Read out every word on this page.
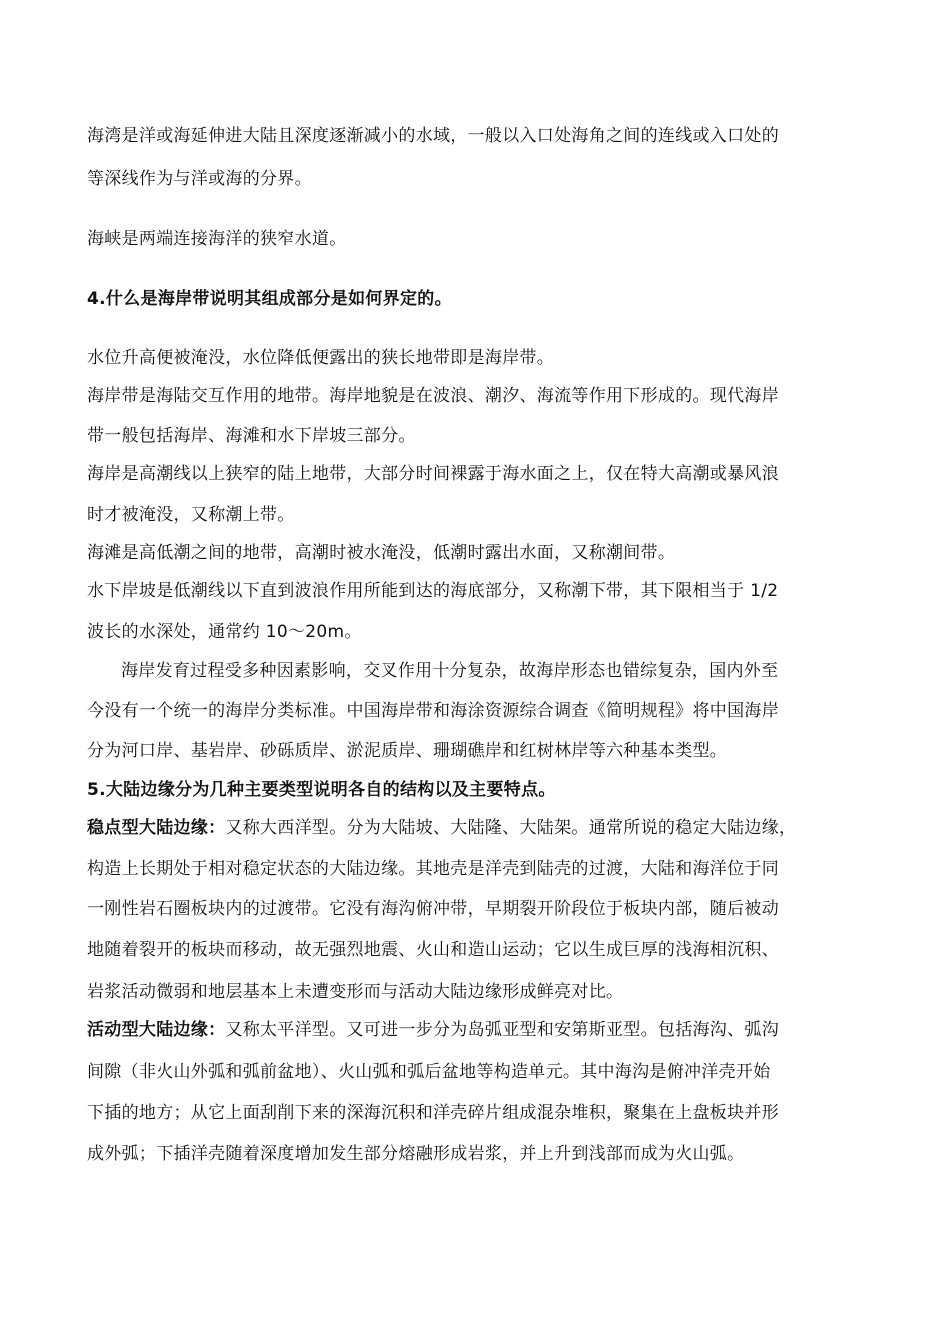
海湾是洋或海延伸进大陆且深度逐渐减小的水域，一般以入口处海角之间的连线或入口处的
等深线作为与洋或海的分界。
海峡是两端连接海洋的狭窄水道。
4.什么是海岸带说明其组成部分是如何界定的。
水位升高便被淹没，水位降低便露出的狭长地带即是海岸带。
海岸带是海陆交互作用的地带。海岸地貌是在波浪、潮汐、海流等作用下形成的。现代海岸
带一般包括海岸、海滩和水下岸坡三部分。
海岸是高潮线以上狭窄的陆上地带，大部分时间裸露于海水面之上，仅在特大高潮或暴风浪
时才被淹没，又称潮上带。
海滩是高低潮之间的地带，高潮时被水淹没，低潮时露出水面，又称潮间带。
水下岸坡是低潮线以下直到波浪作用所能到达的海底部分，又称潮下带，其下限相当于 1/2
波长的水深处，通常约 10～20m。
海岸发育过程受多种因素影响，交叉作用十分复杂，故海岸形态也错综复杂，国内外至
今没有一个统一的海岸分类标准。中国海岸带和海涂资源综合调查《简明规程》将中国海岸
分为河口岸、基岩岸、砂砾质岸、淤泥质岸、珊瑚礁岸和红树林岸等六种基本类型。
5.大陆边缘分为几种主要类型说明各自的结构以及主要特点。
稳点型大陆边缘：又称大西洋型。分为大陆坡、大陆隆、大陆架。通常所说的稳定大陆边缘，
构造上长期处于相对稳定状态的大陆边缘。其地壳是洋壳到陆壳的过渡，大陆和海洋位于同
一刚性岩石圈板块内的过渡带。它没有海沟俯冲带，早期裂开阶段位于板块内部，随后被动
地随着裂开的板块而移动，故无强烈地震、火山和造山运动；它以生成巨厚的浅海相沉积、
岩浆活动微弱和地层基本上未遭变形而与活动大陆边缘形成鲜亮对比。
活动型大陆边缘：又称太平洋型。又可进一步分为岛弧亚型和安第斯亚型。包括海沟、弧沟
间隙（非火山外弧和弧前盆地）、火山弧和弧后盆地等构造单元。其中海沟是俯冲洋壳开始
下插的地方；从它上面刮削下来的深海沉积和洋壳碎片组成混杂堆积，聚集在上盘板块并形
成外弧；下插洋壳随着深度增加发生部分熔融形成岩浆，并上升到浅部而成为火山弧。
